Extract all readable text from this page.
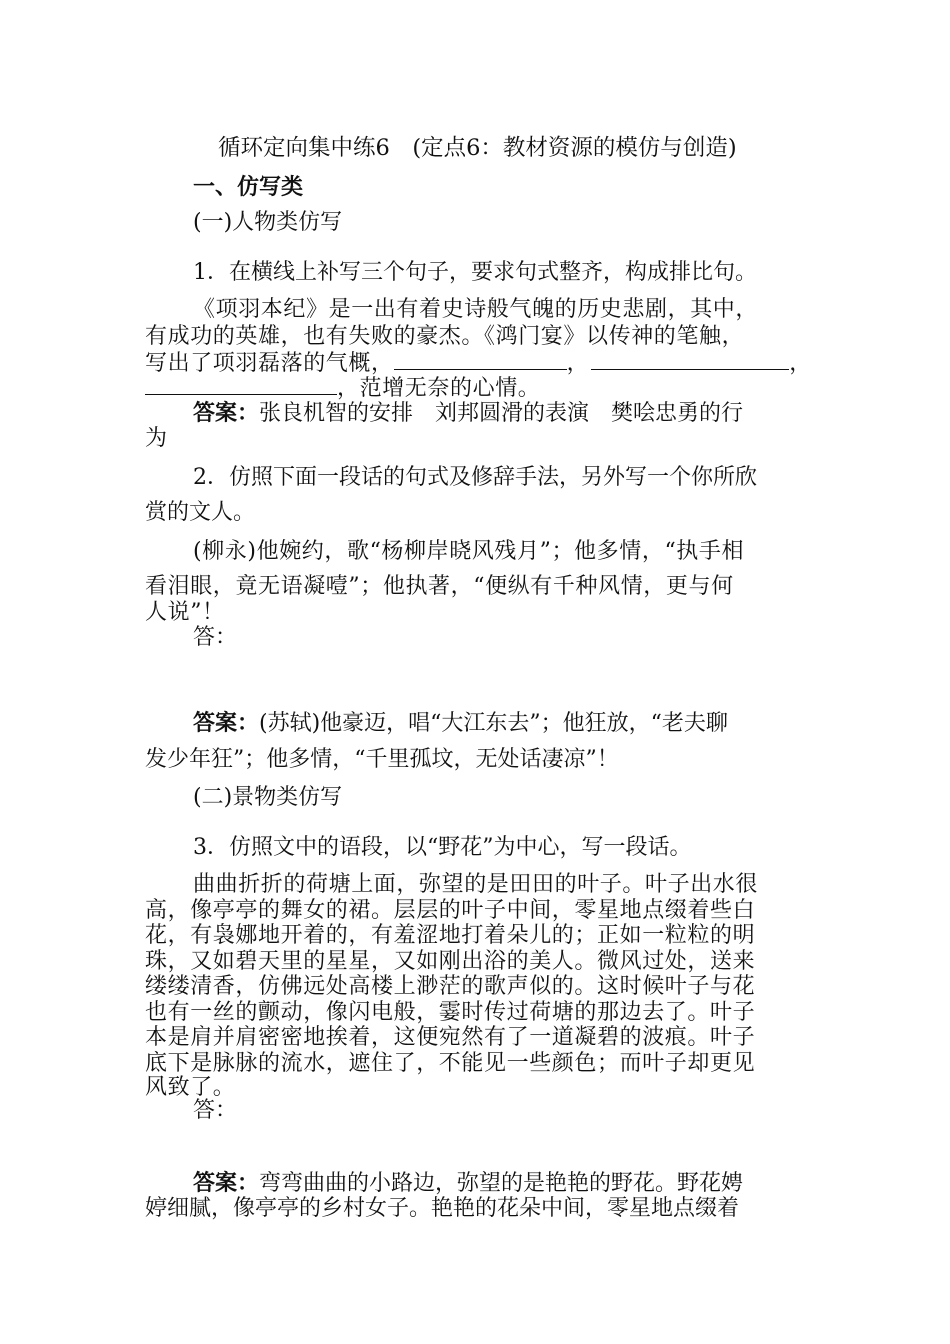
循环定向集中练6　(定点6：教材资源的模仿与创造)
一、仿写类
(一)人物类仿写
1．在横线上补写三个句子，要求句式整齐，构成排比句。
《项羽本纪》是一出有着史诗般气魄的历史悲剧，其中，
有成功的英雄，也有失败的豪杰。《鸿门宴》以传神的笔触，
写出了项羽磊落的气概，	，	，
，范增无奈的心情。
答案：张良机智的安排　刘邦圆滑的表演　樊哙忠勇的行
为
2．仿照下面一段话的句式及修辞手法，另外写一个你所欣
赏的文人。
(柳永)他婉约，歌“杨柳岸晓风残月”；他多情，“执手相
看泪眼，竟无语凝噎”；他执著，“便纵有千种风情，更与何
人说”！
答：
答案：(苏轼)他豪迈，唱“大江东去”；他狂放，“老夫聊
发少年狂”；他多情，“千里孤坟，无处话凄凉”！
(二)景物类仿写
3．仿照文中的语段，以“野花”为中心，写一段话。
曲曲折折的荷塘上面，弥望的是田田的叶子。叶子出水很
高，像亭亭的舞女的裙。层层的叶子中间，零星地点缀着些白
花，有袅娜地开着的，有羞涩地打着朵儿的；正如一粒粒的明
珠，又如碧天里的星星，又如刚出浴的美人。微风过处，送来
缕缕清香，仿佛远处高楼上渺茫的歌声似的。这时候叶子与花
也有一丝的颤动，像闪电般，霎时传过荷塘的那边去了。叶子
本是肩并肩密密地挨着，这便宛然有了一道凝碧的波痕。叶子
底下是脉脉的流水，遮住了，不能见一些颜色；而叶子却更见
风致了。
答：
答案：弯弯曲曲的小路边，弥望的是艳艳的野花。野花娉
婷细腻，像亭亭的乡村女子。艳艳的花朵中间，零星地点缀着
